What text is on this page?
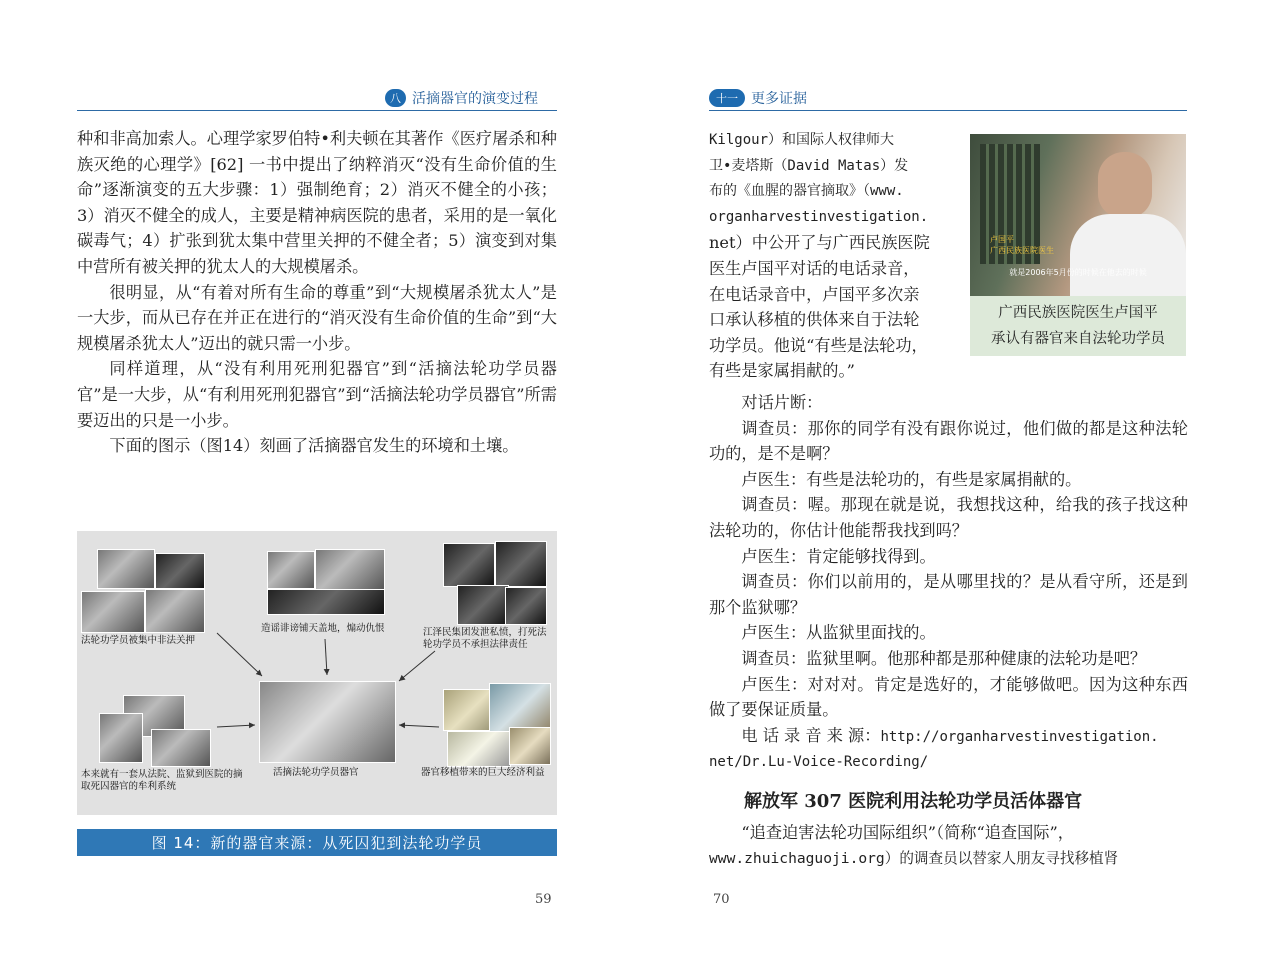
八 活摘器官的演变过程

种和非高加索人。心理学家罗伯特•利夫顿在其著作《医疗屠杀和种族灭绝的心理学》[62] 一书中提出了纳粹消灭“没有生命价值的生命”逐渐演变的五大步骤：1）强制绝育；2）消灭不健全的小孩；3）消灭不健全的成人，主要是精神病医院的患者，采用的是一氧化碳毒气；4）扩张到犹太集中营里关押的不健全者；5）演变到对集中营所有被关押的犹太人的大规模屠杀。

很明显，从“有着对所有生命的尊重”到“大规模屠杀犹太人”是一大步，而从已存在并正在进行的“消灭没有生命价值的生命”到“大规模屠杀犹太人”迈出的就只需一小步。

同样道理，从“没有利用死刑犯器官”到“活摘法轮功学员器官”是一大步，从“有利用死刑犯器官”到“活摘法轮功学员器官”所需要迈出的只是一小步。

下面的图示（图14）刻画了活摘器官发生的环境和土壤。

法轮功学员被集中非法关押
造谣诽谤铺天盖地，煽动仇恨	江泽民集团发泄私愤，打死法轮功学员不承担法律责任
活摘法轮功学员器官
本来就有一套从法院、监狱到医院的摘取死囚器官的牟利系统
器官移植带来的巨大经济利益
图 14：新的器官来源：从死囚犯到法轮功学员
59
十一 更多证据
Kilgour）和国际人权律师大
卫•麦塔斯（David Matas）发
布的《血腥的器官摘取》（www.
organharvestinvestigation.
net）中公开了与广西民族医院
医生卢国平对话的电话录音，
在电话录音中，卢国平多次亲
口承认移植的供体来自于法轮
功学员。他说“有些是法轮功，
有些是家属捐献的。”
卢国平
广西民族医院医生
就是2006年5月份的时候在他去的时候
广西民族医院医生卢国平
承认有器官来自法轮功学员

对话片断：

调查员：那你的同学有没有跟你说过，他们做的都是这种法轮功的，是不是啊？

卢医生：有些是法轮功的，有些是家属捐献的。

调查员：喔。那现在就是说，我想找这种，给我的孩子找这种法轮功的，你估计他能帮我找到吗？

卢医生：肯定能够找得到。

调查员：你们以前用的，是从哪里找的？是从看守所，还是到那个监狱哪？

卢医生：从监狱里面找的。

调查员：监狱里啊。他那种都是那种健康的法轮功是吧？

卢医生：对对对。肯定是选好的，才能够做吧。因为这种东西做了要保证质量。

电 话 录 音 来 源：http://organharvestinvestigation.

net/Dr.Lu-Voice-Recording/

解放军 307 医院利用法轮功学员活体器官

“追查迫害法轮功国际组织”（简称“追查国际”，

www.zhuichaguoji.org）的调查员以替家人朋友寻找移植肾

70
